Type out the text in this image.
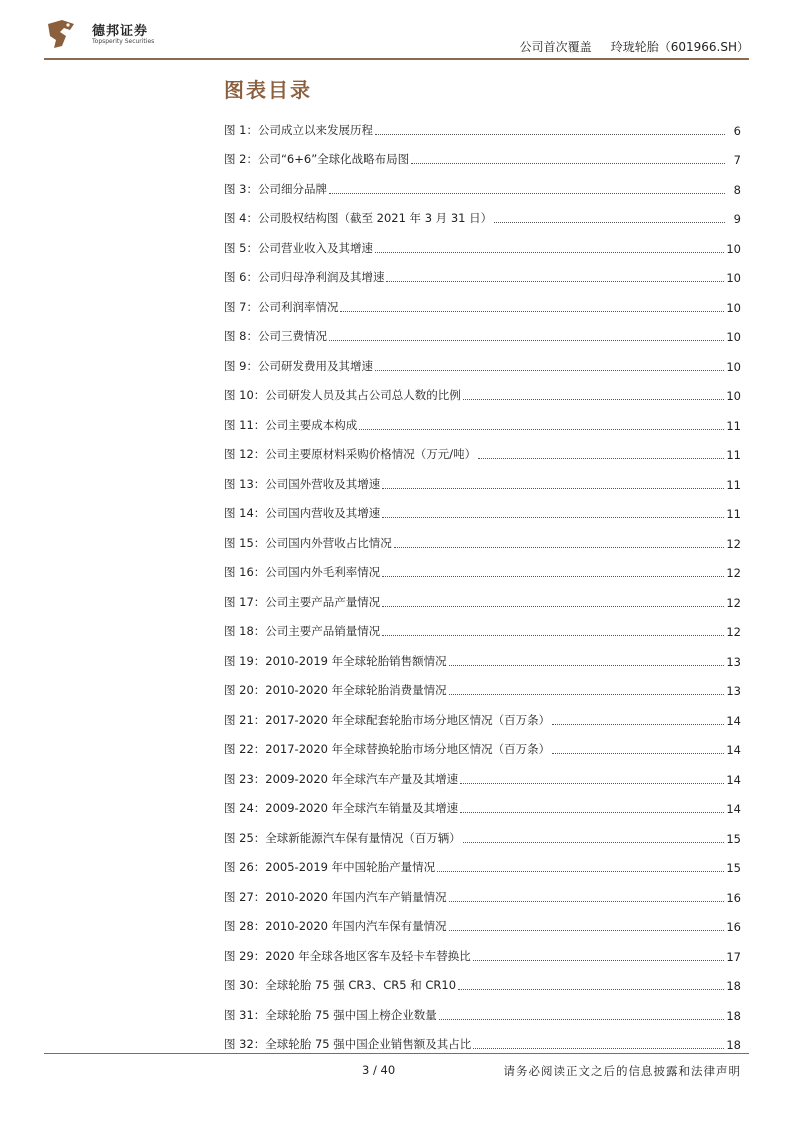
德邦证券
Topsperity Securities	公司首次覆盖 玲珑轮胎（601966.SH）
图表目录
图 1：公司成立以来发展历程	6
图 2：公司“6+6”全球化战略布局图	7
图 3：公司细分品牌	8
图 4：公司股权结构图（截至 2021 年 3 月 31 日）	9
图 5：公司营业收入及其增速	10
图 6：公司归母净利润及其增速	10
图 7：公司利润率情况	10
图 8：公司三费情况	10
图 9：公司研发费用及其增速	10
图 10：公司研发人员及其占公司总人数的比例	10
图 11：公司主要成本构成	11
图 12：公司主要原材料采购价格情况（万元/吨）	11
图 13：公司国外营收及其增速	11
图 14：公司国内营收及其增速	11
图 15：公司国内外营收占比情况	12
图 16：公司国内外毛利率情况	12
图 17：公司主要产品产量情况	12
图 18：公司主要产品销量情况	12
图 19：2010-2019 年全球轮胎销售额情况	13
图 20：2010-2020 年全球轮胎消费量情况	13
图 21：2017-2020 年全球配套轮胎市场分地区情况（百万条）	14
图 22：2017-2020 年全球替换轮胎市场分地区情况（百万条）	14
图 23：2009-2020 年全球汽车产量及其增速	14
图 24：2009-2020 年全球汽车销量及其增速	14
图 25：全球新能源汽车保有量情况（百万辆）	15
图 26：2005-2019 年中国轮胎产量情况	15
图 27：2010-2020 年国内汽车产销量情况	16
图 28：2010-2020 年国内汽车保有量情况	16
图 29：2020 年全球各地区客车及轻卡车替换比	17
图 30：全球轮胎 75 强 CR3、CR5 和 CR10	18
图 31：全球轮胎 75 强中国上榜企业数量	18
图 32：全球轮胎 75 强中国企业销售额及其占比	18
3 / 40	请务必阅读正文之后的信息披露和法律声明
